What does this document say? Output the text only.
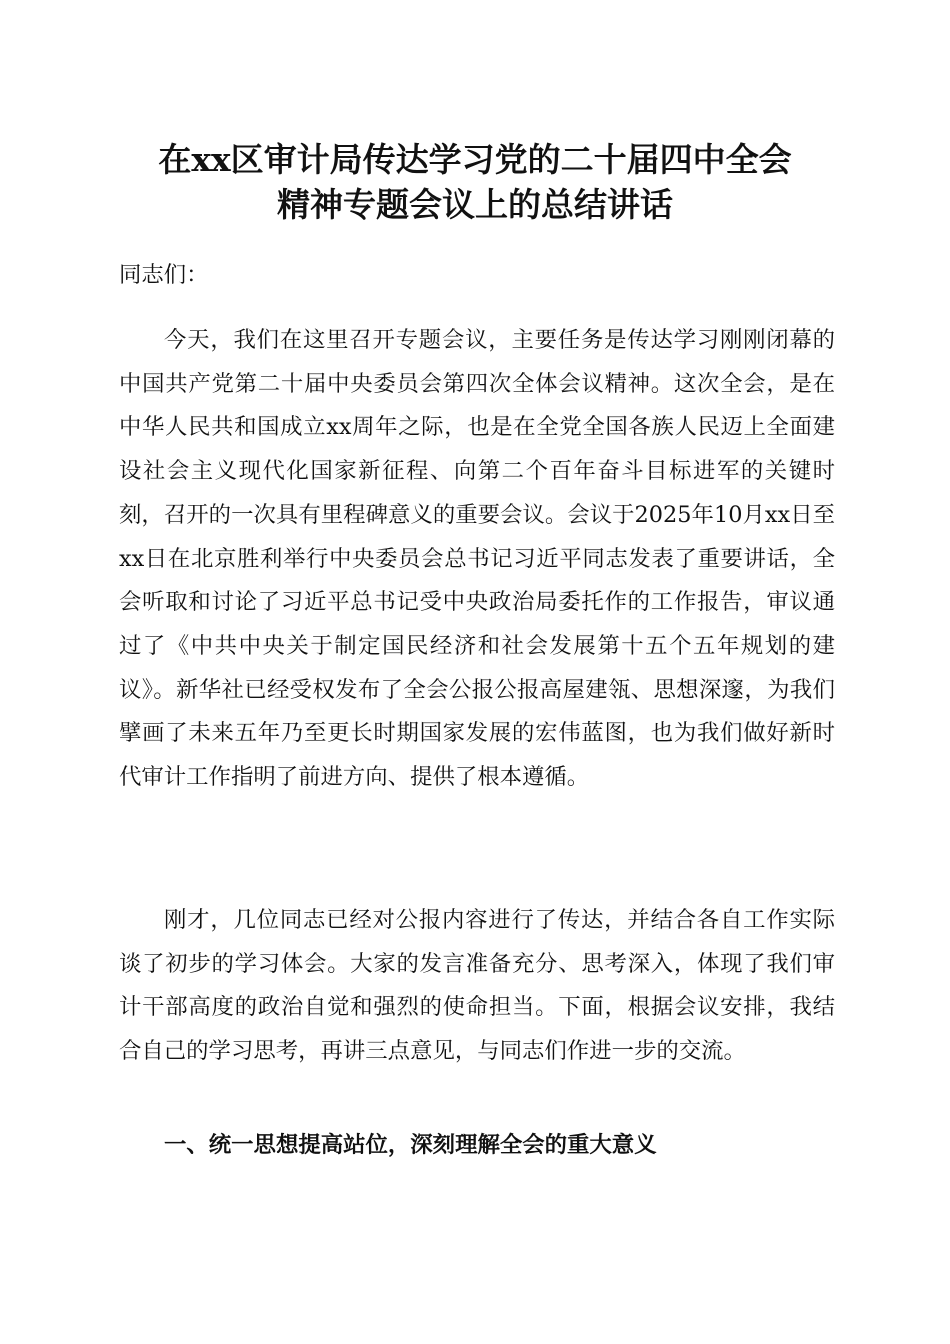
在xx区审计局传达学习党的二十届四中全会
精神专题会议上的总结讲话
同志们：
今天，我们在这里召开专题会议，主要任务是传达学习刚刚闭幕的中国共产党第二十届中央委员会第四次全体会议精神。这次全会，是在中华人民共和国成立xx周年之际，也是在全党全国各族人民迈上全面建设社会主义现代化国家新征程、向第二个百年奋斗目标进军的关键时刻，召开的一次具有里程碑意义的重要会议。会议于2025年10月xx日至xx日在北京胜利举行中央委员会总书记习近平同志发表了重要讲话，全会听取和讨论了习近平总书记受中央政治局委托作的工作报告，审议通过了《中共中央关于制定国民经济和社会发展第十五个五年规划的建议》。新华社已经受权发布了全会公报公报高屋建瓴、思想深邃，为我们擘画了未来五年乃至更长时期国家发展的宏伟蓝图，也为我们做好新时代审计工作指明了前进方向、提供了根本遵循。
刚才，几位同志已经对公报内容进行了传达，并结合各自工作实际谈了初步的学习体会。大家的发言准备充分、思考深入，体现了我们审计干部高度的政治自觉和强烈的使命担当。下面，根据会议安排，我结合自己的学习思考，再讲三点意见，与同志们作进一步的交流。
一、统一思想提高站位，深刻理解全会的重大意义
